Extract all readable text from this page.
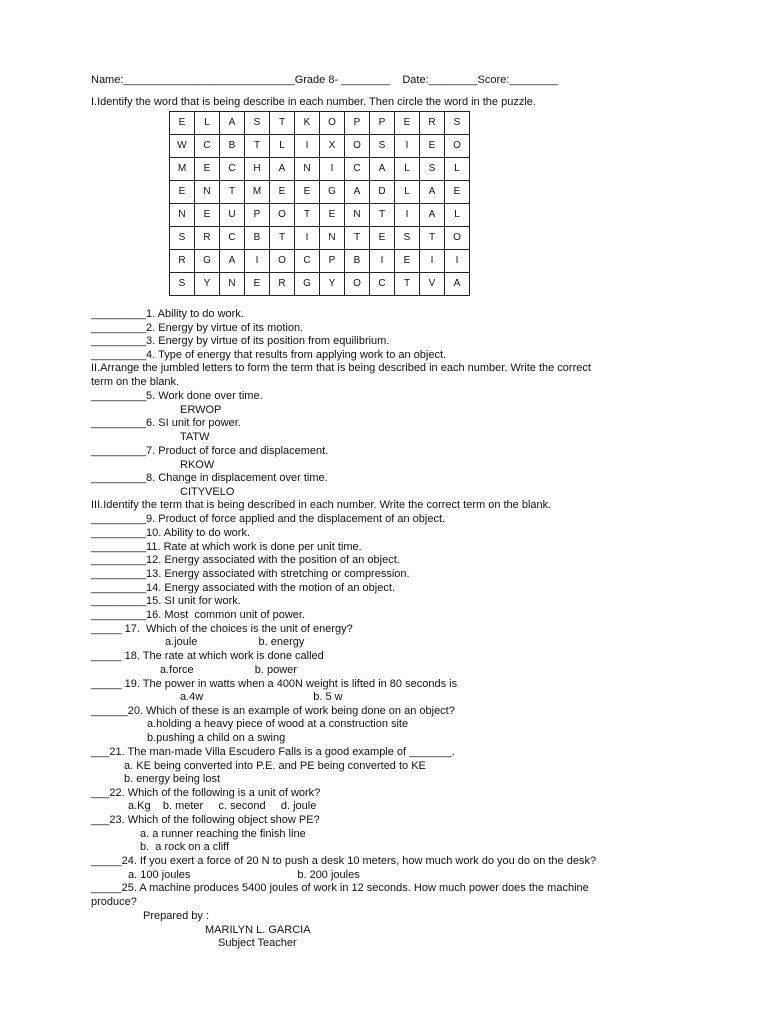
Name:____________________________Grade 8- ________    Date:________Score:________
I.Identify the word that is being describe in each number. Then circle the word in the puzzle.
E	L	A	S	T	K	O	P	P	E	R	S
W	C	B	T	L	I	X	O	S	I	E	O
M	E	C	H	A	N	I	C	A	L	S	L
E	N	T	M	E	E	G	A	D	L	A	E
N	E	U	P	O	T	E	N	T	I	A	L
S	R	C	B	T	I	N	T	E	S	T	O
R	G	A	I	O	C	P	B	I	E	I	I
S	Y	N	E	R	G	Y	O	C	T	V	A
_________1. Ability to do work.
_________2. Energy by virtue of its motion.
_________3. Energy by virtue of its position from equilibrium.
_________4. Type of energy that results from applying work to an object.
II.Arrange the jumbled letters to form the term that is being described in each number. Write the correct
term on the blank.
_________5. Work done over time.
ERWOP
_________6. SI unit for power.
TATW
_________7. Product of force and displacement.
RKOW
_________8. Change in displacement over time.
CITYVELO
III.Identify the term that is being described in each number. Write the correct term on the blank.
_________9. Product of force applied and the displacement of an object.
_________10. Ability to do work.
_________11. Rate at which work is done per unit time.
_________12. Energy associated with the position of an object.
_________13. Energy associated with stretching or compression.
_________14. Energy associated with the motion of an object.
_________15. SI unit for work.
_________16. Most  common unit of power.
_____ 17.  Which of the choices is the unit of energy?
a.joule                    b. energy
_____ 18. The rate at which work is done called
a.force                    b. power
_____ 19. The power in watts when a 400N weight is lifted in 80 seconds is
a.4w                                    b. 5 w
______20. Which of these is an example of work being done on an object?
a.holding a heavy piece of wood at a construction site
b.pushing a child on a swing
___21. The man-made Villa Escudero Falls is a good example of _______.
a. KE being converted into P.E. and PE being converted to KE
b. energy being lost
___22. Which of the following is a unit of work?
a.Kg    b. meter     c. second     d. joule
___23. Which of the following object show PE?
a. a runner reaching the finish line
b.  a rock on a cliff
_____24. If you exert a force of 20 N to push a desk 10 meters, how much work do you do on the desk?
a. 100 joules                                   b. 200 joules
_____25. A machine produces 5400 joules of work in 12 seconds. How much power does the machine
produce?
Prepared by :
MARILYN L. GARCIA
Subject Teacher
